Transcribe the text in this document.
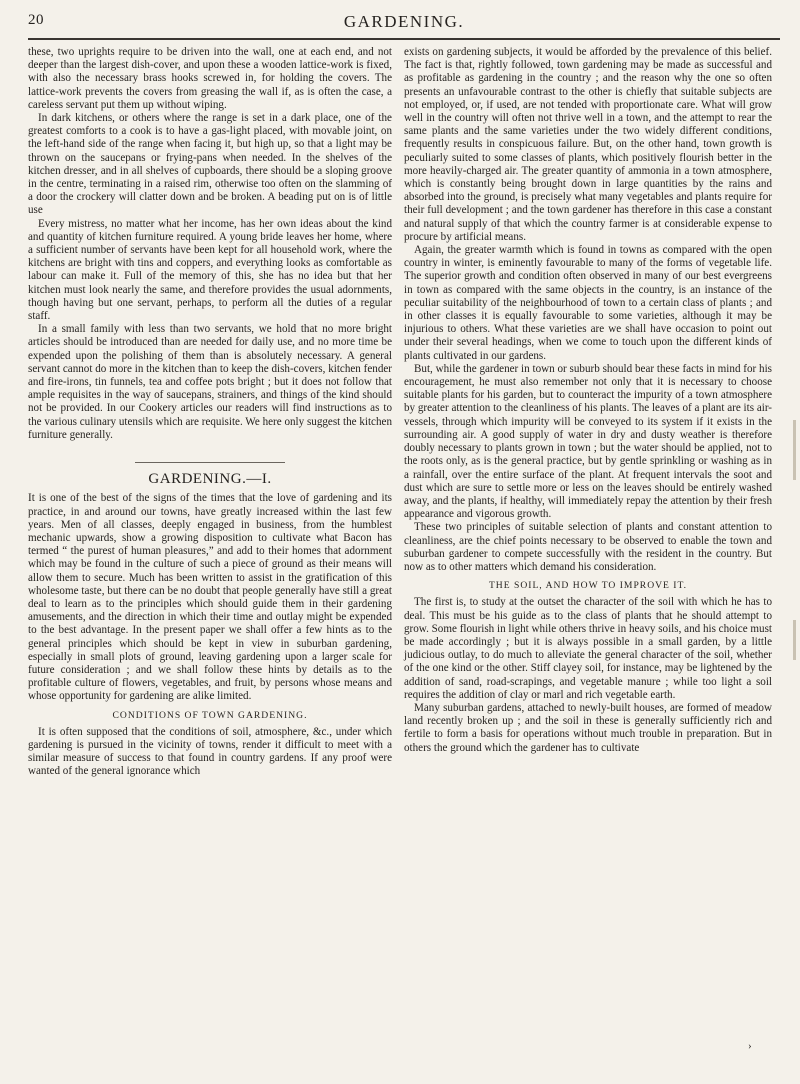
20	GARDENING.

these, two uprights require to be driven into the wall, one at each end, and not deeper than the largest dish-cover, and upon these a wooden lattice-work is fixed, with also the necessary brass hooks screwed in, for holding the covers. The lattice-work prevents the covers from greasing the wall if, as is often the case, a careless servant put them up without wiping.

In dark kitchens, or others where the range is set in a dark place, one of the greatest comforts to a cook is to have a gas-light placed, with movable joint, on the left-hand side of the range when facing it, but high up, so that a light may be thrown on the saucepans or frying-pans when needed. In the shelves of the kitchen dresser, and in all shelves of cupboards, there should be a sloping groove in the centre, terminating in a raised rim, otherwise too often on the slamming of a door the crockery will clatter down and be broken. A beading put on is of little use

Every mistress, no matter what her income, has her own ideas about the kind and quantity of kitchen furniture required. A young bride leaves her home, where a sufficient number of servants have been kept for all household work, where the kitchens are bright with tins and coppers, and everything looks as comfortable as labour can make it. Full of the memory of this, she has no idea but that her kitchen must look nearly the same, and therefore provides the usual adornments, though having but one servant, perhaps, to perform all the duties of a regular staff.

In a small family with less than two servants, we hold that no more bright articles should be introduced than are needed for daily use, and no more time be expended upon the polishing of them than is absolutely necessary. A general servant cannot do more in the kitchen than to keep the dish-covers, kitchen fender and fire-irons, tin funnels, tea and coffee pots bright ; but it does not follow that ample requisites in the way of saucepans, strainers, and things of the kind should not be provided. In our Cookery articles our readers will find instructions as to the various culinary utensils which are requisite. We here only suggest the kitchen furniture generally.

GARDENING.—I.

It is one of the best of the signs of the times that the love of gardening and its practice, in and around our towns, have greatly increased within the last few years. Men of all classes, deeply engaged in business, from the humblest mechanic upwards, show a growing disposition to cultivate what Bacon has termed “ the purest of human pleasures,” and add to their homes that adornment which may be found in the culture of such a piece of ground as their means will allow them to secure. Much has been written to assist in the gratification of this wholesome taste, but there can be no doubt that people generally have still a great deal to learn as to the principles which should guide them in their gardening amusements, and the direction in which their time and outlay might be expended to the best advantage. In the present paper we shall offer a few hints as to the general principles which should be kept in view in suburban gardening, especially in small plots of ground, leaving gardening upon a larger scale for future consideration ; and we shall follow these hints by details as to the profitable culture of flowers, vegetables, and fruit, by persons whose means and whose opportunity for gardening are alike limited.

CONDITIONS OF TOWN GARDENING.

It is often supposed that the conditions of soil, atmosphere, &c., under which gardening is pursued in the vicinity of towns, render it difficult to meet with a similar measure of success to that found in country gardens. If any proof were wanted of the general ignorance which

exists on gardening subjects, it would be afforded by the prevalence of this belief. The fact is that, rightly followed, town gardening may be made as successful and as profitable as gardening in the country ; and the reason why the one so often presents an unfavourable contrast to the other is chiefly that suitable subjects are not employed, or, if used, are not tended with proportionate care. What will grow well in the country will often not thrive well in a town, and the attempt to rear the same plants and the same varieties under the two widely different conditions, frequently results in conspicuous failure. But, on the other hand, town growth is peculiarly suited to some classes of plants, which positively flourish better in the more heavily-charged air. The greater quantity of ammonia in a town atmosphere, which is constantly being brought down in large quantities by the rains and absorbed into the ground, is precisely what many vegetables and plants require for their full development ; and the town gardener has therefore in this case a constant and natural supply of that which the country farmer is at considerable expense to procure by artificial means.

Again, the greater warmth which is found in towns as compared with the open country in winter, is eminently favourable to many of the forms of vegetable life. The superior growth and condition often observed in many of our best evergreens in town as compared with the same objects in the country, is an instance of the peculiar suitability of the neighbourhood of town to a certain class of plants ; and in other classes it is equally favourable to some varieties, although it may be injurious to others. What these varieties are we shall have occasion to point out under their several headings, when we come to touch upon the different kinds of plants cultivated in our gardens.

But, while the gardener in town or suburb should bear these facts in mind for his encouragement, he must also remember not only that it is necessary to choose suitable plants for his garden, but to counteract the impurity of a town atmosphere by greater attention to the cleanliness of his plants. The leaves of a plant are its air-vessels, through which impurity will be conveyed to its system if it exists in the surrounding air. A good supply of water in dry and dusty weather is therefore doubly necessary to plants grown in town ; but the water should be applied, not to the roots only, as is the general practice, but by gentle sprinkling or washing as in a rainfall, over the entire surface of the plant. At frequent intervals the soot and dust which are sure to settle more or less on the leaves should be entirely washed away, and the plants, if healthy, will immediately repay the attention by their fresh appearance and vigorous growth.

These two principles of suitable selection of plants and constant attention to cleanliness, are the chief points necessary to be observed to enable the town and suburban gardener to compete successfully with the resident in the country. But now as to other matters which demand his consideration.

THE SOIL, AND HOW TO IMPROVE IT.

The first is, to study at the outset the character of the soil with which he has to deal. This must be his guide as to the class of plants that he should attempt to grow. Some flourish in light while others thrive in heavy soils, and his choice must be made accordingly ; but it is always possible in a small garden, by a little judicious outlay, to do much to alleviate the general character of the soil, whether of the one kind or the other. Stiff clayey soil, for instance, may be lightened by the addition of sand, road-scrapings, and vegetable manure ; while too light a soil requires the addition of clay or marl and rich vegetable earth.

Many suburban gardens, attached to newly-built houses, are formed of meadow land recently broken up ; and the soil in these is generally sufficiently rich and fertile to form a basis for operations without much trouble in preparation. But in others the ground which the gardener has to cultivate

›
